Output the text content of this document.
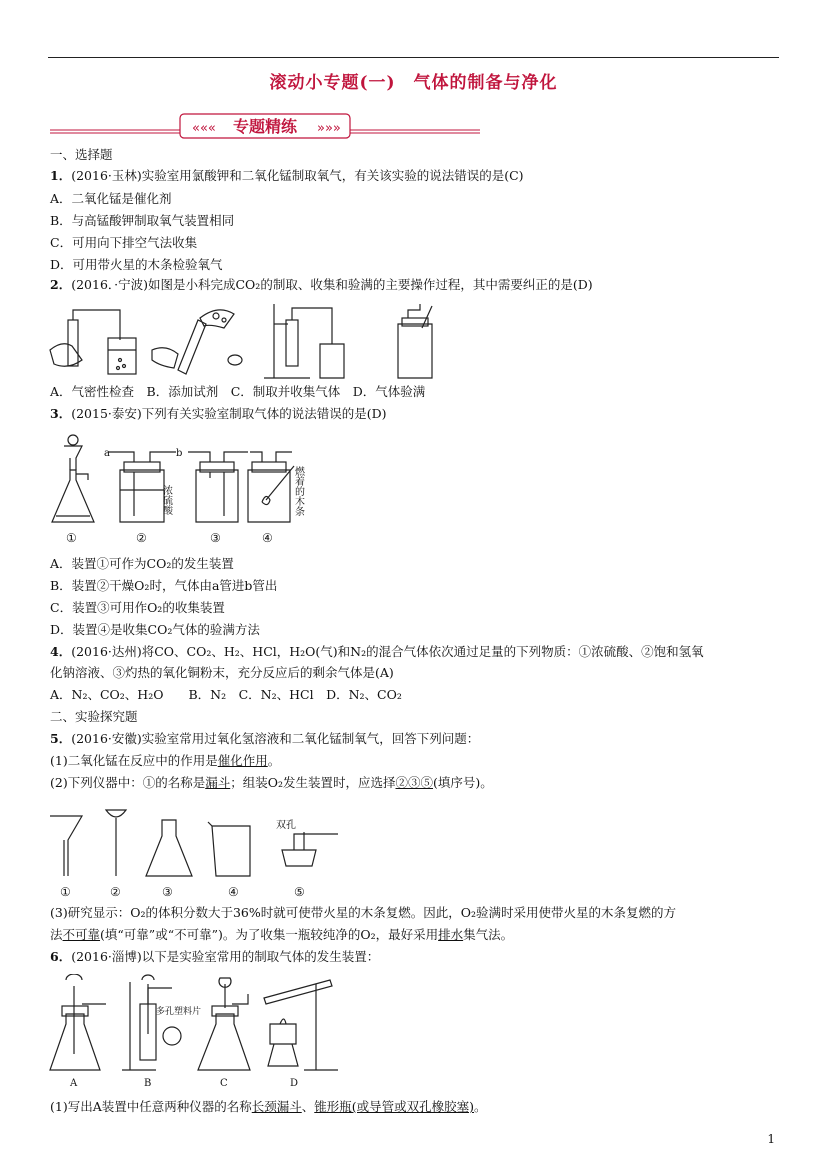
滚动小专题(一)　气体的制备与净化
«««	»»»
专题精练
一、选择题
1．(2016·玉林)实验室用氯酸钾和二氧化锰制取氧气，有关该实验的说法错误的是(C)
A．二氧化锰是催化剂
B．与高锰酸钾制取氧气装置相同
C．可用向下排空气法收集
D．可用带火星的木条检验氧气
2．(2016．·宁波)如图是小科完成CO₂的制取、收集和验满的主要操作过程，其中需要纠正的是(D)
A．气密性检查　B．添加试剂　C．制取并收集气体　D．气体验满
3．(2015·泰安)下列有关实验室制取气体的说法错误的是(D)
①
a	b
浓硫酸
②	③
燃着的木条
④
A．装置①可作为CO₂的发生装置
B．装置②干燥O₂时，气体由a管进b管出
C．装置③可用作O₂的收集装置
D．装置④是收集CO₂气体的验满方法
4．(2016·达州)将CO、CO₂、H₂、HCl，H₂O(气)和N₂的混合气体依次通过足量的下列物质：①浓硫酸、②饱和氢氧
化钠溶液、③灼热的氧化铜粉末，充分反应后的剩余气体是(A)
A．N₂、CO₂、H₂O　　B．N₂　C．N₂、HCl　D．N₂、CO₂
二、实验探究题
5．(2016·安徽)实验室常用过氧化氢溶液和二氧化锰制氧气，回答下列问题：
(1)二氧化锰在反应中的作用是催化作用。
(2)下列仪器中：①的名称是漏斗；组装O₂发生装置时，应选择②③⑤(填序号)。
①	②	③	④
双孔
⑤
(3)研究显示：O₂的体积分数大于36%时就可使带火星的木条复燃。因此，O₂验满时采用使带火星的木条复燃的方
法不可靠(填“可靠”或“不可靠”)。为了收集一瓶较纯净的O₂，最好采用排水集气法。
6．(2016·淄博)以下是实验室常用的制取气体的发生装置：
A
多孔塑料片
B	C	D
(1)写出A装置中任意两种仪器的名称长颈漏斗、锥形瓶(或导管或双孔橡胶塞)。
1
